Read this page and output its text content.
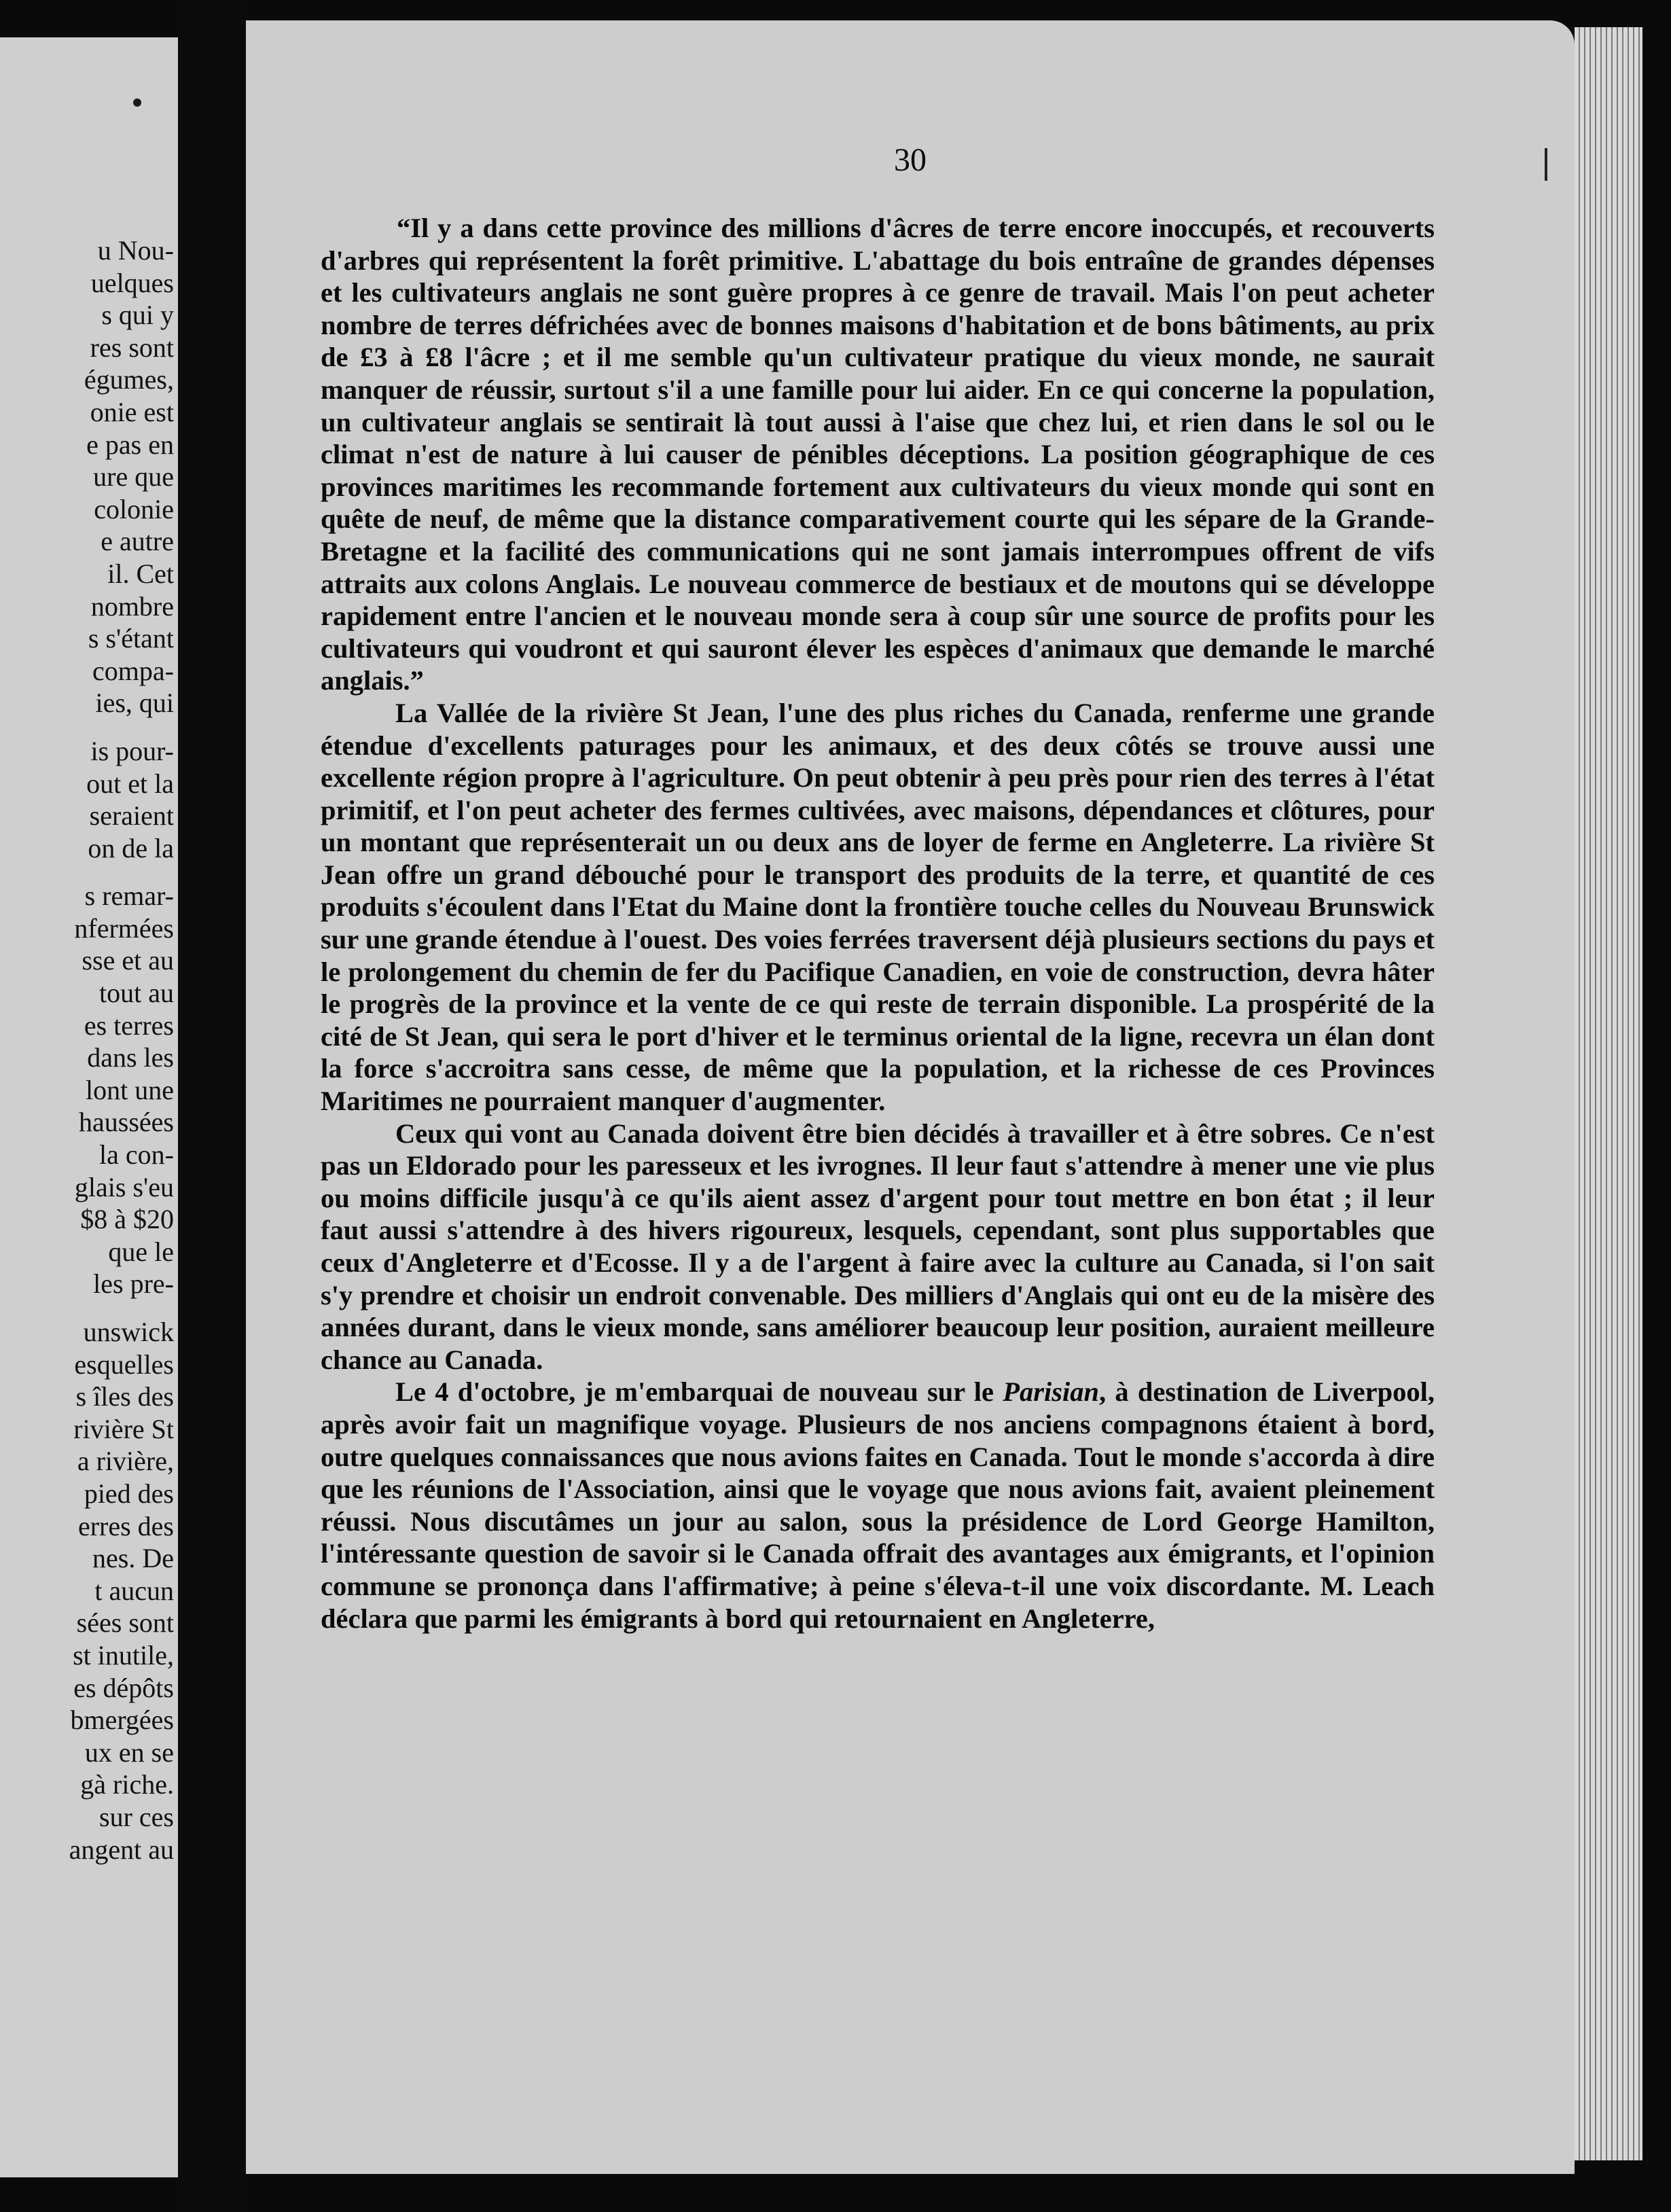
u Nou-
uelques
s qui y
res sont
égumes,
onie est
e pas en
ure que
colonie
e autre
il. Cet
nombre
s s'étant
compa-
ies, qui
is pour-
out et la
seraient
on de la
s remar-
nfermées
sse et au
tout au
es terres
dans les
lont une
haussées
la con-
glais s'eu
$8 à $20
que le
les pre-
unswick
esquelles
s îles des
rivière St
a rivière,
pied des
erres des
nes. De
t aucun
sées sont
st inutile,
es dépôts
bmergées
ux en se
gà riche.
sur ces
angent au
30

“Il y a dans cette province des millions d'âcres de terre encore inoccupés, et recouverts d'arbres qui représentent la forêt primitive. L'abattage du bois entraîne de grandes dépenses et les cultivateurs anglais ne sont guère propres à ce genre de travail. Mais l'on peut acheter nombre de terres défrichées avec de bonnes maisons d'habitation et de bons bâtiments, au prix de £3 à £8 l'âcre ; et il me semble qu'un cultivateur pratique du vieux monde, ne saurait manquer de réussir, surtout s'il a une famille pour lui aider. En ce qui concerne la population, un cultivateur anglais se sentirait là tout aussi à l'aise que chez lui, et rien dans le sol ou le climat n'est de nature à lui causer de pénibles déceptions. La position géographique de ces provinces maritimes les recommande fortement aux cultivateurs du vieux monde qui sont en quête de neuf, de même que la distance comparativement courte qui les sépare de la Grande-Bretagne et la facilité des communications qui ne sont jamais interrompues offrent de vifs attraits aux colons Anglais. Le nouveau commerce de bestiaux et de moutons qui se développe rapidement entre l'ancien et le nouveau monde sera à coup sûr une source de profits pour les cultivateurs qui voudront et qui sauront élever les espèces d'animaux que demande le marché anglais.”

La Vallée de la rivière St Jean, l'une des plus riches du Canada, renferme une grande étendue d'excellents paturages pour les animaux, et des deux côtés se trouve aussi une excellente région propre à l'agriculture. On peut obtenir à peu près pour rien des terres à l'état primitif, et l'on peut acheter des fermes cultivées, avec maisons, dépendances et clôtures, pour un montant que représenterait un ou deux ans de loyer de ferme en Angleterre. La rivière St Jean offre un grand débouché pour le transport des produits de la terre, et quantité de ces produits s'écoulent dans l'Etat du Maine dont la frontière touche celles du Nouveau Brunswick sur une grande étendue à l'ouest. Des voies ferrées traversent déjà plusieurs sections du pays et le prolongement du chemin de fer du Pacifique Canadien, en voie de construction, devra hâter le progrès de la province et la vente de ce qui reste de terrain disponible. La prospérité de la cité de St Jean, qui sera le port d'hiver et le terminus oriental de la ligne, recevra un élan dont la force s'accroitra sans cesse, de même que la population, et la richesse de ces Provinces Maritimes ne pourraient manquer d'augmenter.

Ceux qui vont au Canada doivent être bien décidés à travailler et à être sobres. Ce n'est pas un Eldorado pour les paresseux et les ivrognes. Il leur faut s'attendre à mener une vie plus ou moins difficile jusqu'à ce qu'ils aient assez d'argent pour tout mettre en bon état ; il leur faut aussi s'attendre à des hivers rigoureux, lesquels, cependant, sont plus supportables que ceux d'Angleterre et d'Ecosse. Il y a de l'argent à faire avec la culture au Canada, si l'on sait s'y prendre et choisir un endroit convenable. Des milliers d'Anglais qui ont eu de la misère des années durant, dans le vieux monde, sans améliorer beaucoup leur position, auraient meilleure chance au Canada.

Le 4 d'octobre, je m'embarquai de nouveau sur le Parisian, à destination de Liverpool, après avoir fait un magnifique voyage. Plusieurs de nos anciens compagnons étaient à bord, outre quelques connaissances que nous avions faites en Canada. Tout le monde s'accorda à dire que les réunions de l'Association, ainsi que le voyage que nous avions fait, avaient pleinement réussi. Nous discutâmes un jour au salon, sous la présidence de Lord George Hamilton, l'intéressante question de savoir si le Canada offrait des avantages aux émigrants, et l'opinion commune se prononça dans l'affirmative; à peine s'éleva-t-il une voix discordante. M. Leach déclara que parmi les émigrants à bord qui retournaient en Angleterre,
